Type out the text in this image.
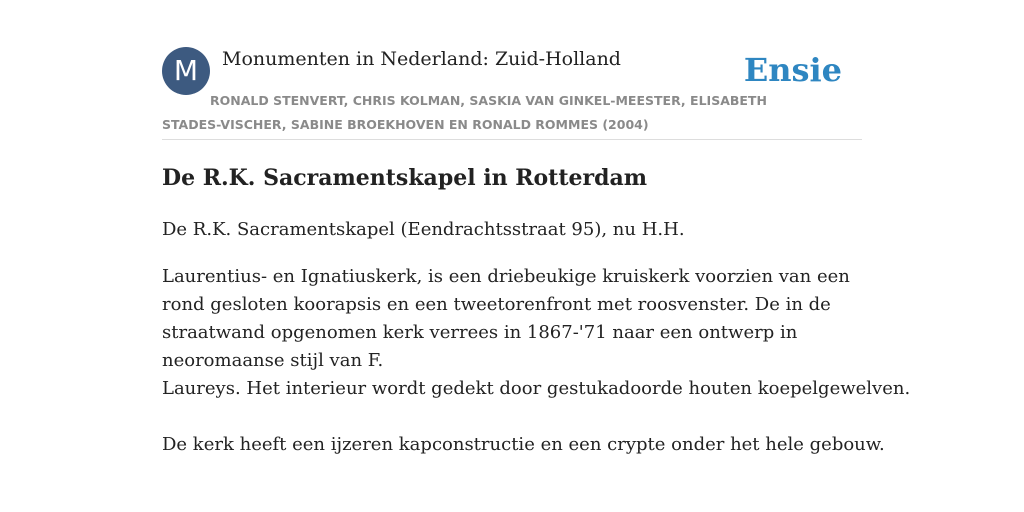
M	Monumenten in Nederland: Zuid-Holland	Ensie
RONALD STENVERT, CHRIS KOLMAN, SASKIA VAN GINKEL-MEESTER, ELISABETH STADES-VISCHER, SABINE BROEKHOVEN EN RONALD ROMMES (2004)
De R.K. Sacramentskapel in Rotterdam

De R.K. Sacramentskapel (Eendrachtsstraat 95), nu H.H.

Laurentius- en Ignatiuskerk, is een driebeukige kruiskerk voorzien van een rond gesloten koorapsis en een tweetorenfront met roosvenster. De in de straatwand opgenomen kerk verrees in 1867-'71 naar een ontwerp in neoromaanse stijl van F.

Laureys. Het interieur wordt gedekt door gestukadoorde houten koepelgewelven.

De kerk heeft een ijzeren kapconstructie en een crypte onder het hele gebouw.
